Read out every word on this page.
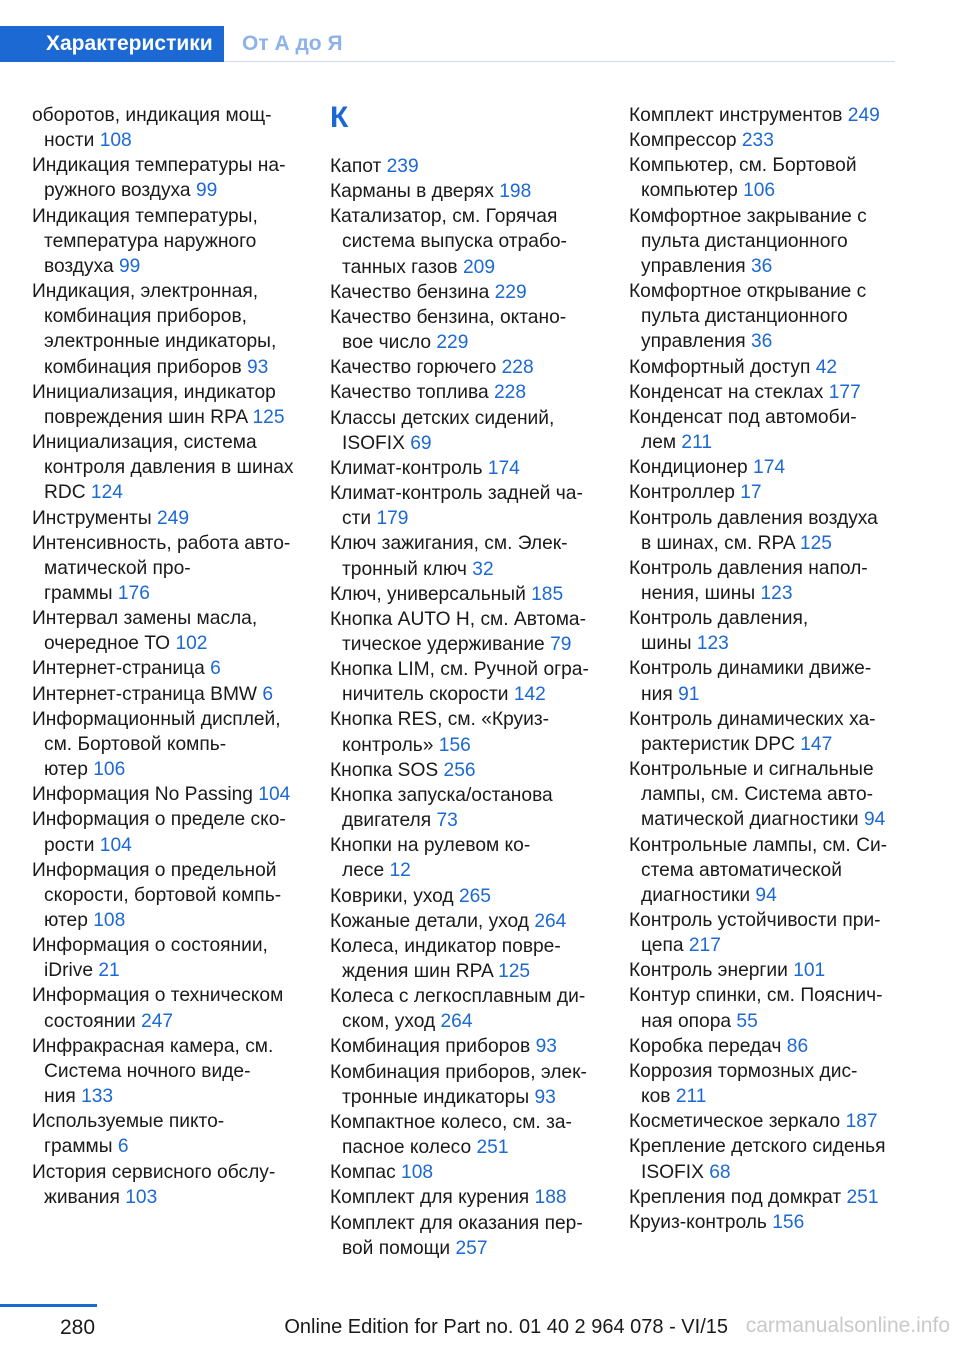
Характеристики	От А до Я
оборотов, индикация мощ-
ности 108
Индикация температуры на-
ружного воздуха 99
Индикация температуры,
температура наружного
воздуха 99
Индикация, электронная,
комбинация приборов,
электронные индикаторы,
комбинация приборов 93
Инициализация, индикатор
повреждения шин RPA 125
Инициализация, система
контроля давления в шинах
RDC 124
Инструменты 249
Интенсивность, работа авто-
матической про-
граммы 176
Интервал замены масла,
очередное ТО 102
Интернет-страница 6
Интернет-страница BMW 6
Информационный дисплей,
см. Бортовой компь-
ютер 106
Информация No Passing 104
Информация о пределе ско-
рости 104
Информация о предельной
скорости, бортовой компь-
ютер 108
Информация о состоянии,
iDrive 21
Информация о техническом
состоянии 247
Инфракрасная камера, см.
Система ночного виде-
ния 133
Используемые пикто-
граммы 6
История сервисного обслу-
живания 103
К
Капот 239
Карманы в дверях 198
Катализатор, см. Горячая
система выпуска отрабо-
танных газов 209
Качество бензина 229
Качество бензина, октано-
вое число 229
Качество горючего 228
Качество топлива 228
Классы детских сидений,
ISOFIX 69
Климат-контроль 174
Климат-контроль задней ча-
сти 179
Ключ зажигания, см. Элек-
тронный ключ 32
Ключ, универсальный 185
Кнопка AUTO H, см. Автома-
тическое удерживание 79
Кнопка LIM, см. Ручной огра-
ничитель скорости 142
Кнопка RES, см. «Круиз-
контроль» 156
Кнопка SOS 256
Кнопка запуска/останова
двигателя 73
Кнопки на рулевом ко-
лесе 12
Коврики, уход 265
Кожаные детали, уход 264
Колеса, индикатор повре-
ждения шин RPA 125
Колеса с легкосплавным ди-
ском, уход 264
Комбинация приборов 93
Комбинация приборов, элек-
тронные индикаторы 93
Компактное колесо, см. за-
пасное колесо 251
Компас 108
Комплект для курения 188
Комплект для оказания пер-
вой помощи 257
Комплект инструментов 249
Компрессор 233
Компьютер, см. Бортовой
компьютер 106
Комфортное закрывание с
пульта дистанционного
управления 36
Комфортное открывание с
пульта дистанционного
управления 36
Комфортный доступ 42
Конденсат на стеклах 177
Конденсат под автомоби-
лем 211
Кондиционер 174
Контроллер 17
Контроль давления воздуха
в шинах, см. RPA 125
Контроль давления напол-
нения, шины 123
Контроль давления,
шины 123
Контроль динамики движе-
ния 91
Контроль динамических ха-
рактеристик DPC 147
Контрольные и сигнальные
лампы, см. Система авто-
матической диагностики 94
Контрольные лампы, см. Си-
стема автоматической
диагностики 94
Контроль устойчивости при-
цепа 217
Контроль энергии 101
Контур спинки, см. Пояснич-
ная опора 55
Коробка передач 86
Коррозия тормозных дис-
ков 211
Косметическое зеркало 187
Крепление детского сиденья
ISOFIX 68
Крепления под домкрат 251
Круиз-контроль 156
280	Online Edition for Part no. 01 40 2 964 078 - VI/15 carmanualsonline.info
